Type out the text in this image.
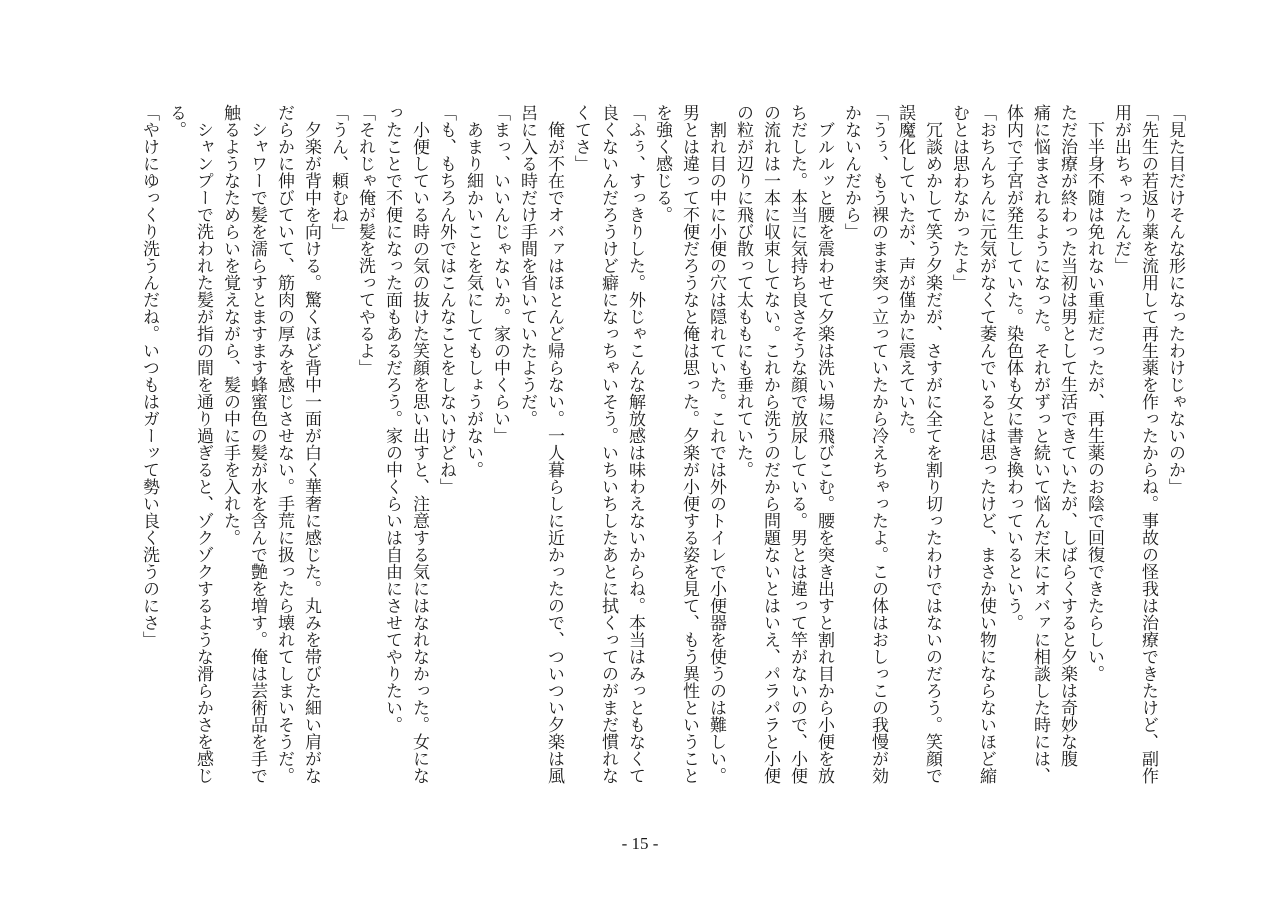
「見た目だけそんな形になったわけじゃないのか」
「先生の若返り薬を流用して再生薬を作ったからね。事故の怪我は治療できたけど、副作
用が出ちゃったんだ」
　下半身不随は免れない重症だったが、再生薬のお陰で回復できたらしい。
ただ治療が終わった当初は男として生活できていたが、しばらくすると夕楽は奇妙な腹
痛に悩まされるようになった。それがずっと続いて悩んだ末にオバァに相談した時には、
体内で子宮が発生していた。染色体も女に書き換わっているという。
「おちんちんに元気がなくて萎んでいるとは思ったけど、まさか使い物にならないほど縮
むとは思わなかったよ」
　冗談めかして笑う夕楽だが、さすがに全てを割り切ったわけではないのだろう。笑顔で
誤魔化していたが、声が僅かに震えていた。
「うぅ、もう裸のまま突っ立っていたから冷えちゃったよ。この体はおしっこの我慢が効
かないんだから」
　ブルルッと腰を震わせて夕楽は洗い場に飛びこむ。腰を突き出すと割れ目から小便を放
ちだした。本当に気持ち良さそうな顔で放尿している。男とは違って竿がないので、小便
の流れは一本に収束してない。これから洗うのだから問題ないとはいえ、パラパラと小便
の粒が辺りに飛び散って太ももにも垂れていた。
　割れ目の中に小便の穴は隠れていた。これでは外のトイレで小便器を使うのは難しい。
男とは違って不便だろうなと俺は思った。夕楽が小便する姿を見て、もう異性ということ
を強く感じる。
「ふぅ、すっきりした。外じゃこんな解放感は味わえないからね。本当はみっともなくて
良くないんだろうけど癖になっちゃいそう。いちいちしたあとに拭くってのがまだ慣れな
くてさ」
　俺が不在でオバァはほとんど帰らない。一人暮らしに近かったので、ついつい夕楽は風
呂に入る時だけ手間を省いていたようだ。
「まっ、いいんじゃないか。家の中くらい」
　あまり細かいことを気にしてもしょうがない。
「も、もちろん外ではこんなことをしないけどね」
　小便している時の気の抜けた笑顔を思い出すと、注意する気にはなれなかった。女にな
ったことで不便になった面もあるだろう。家の中くらいは自由にさせてやりたい。
「それじゃ俺が髪を洗ってやるよ」
「うん、頼むね」
　夕楽が背中を向ける。驚くほど背中一面が白く華奢に感じた。丸みを帯びた細い肩がな
だらかに伸びていて、筋肉の厚みを感じさせない。手荒に扱ったら壊れてしまいそうだ。
　シャワーで髪を濡らすとますます蜂蜜色の髪が水を含んで艶を増す。俺は芸術品を手で
触るようなためらいを覚えながら、髪の中に手を入れた。
　シャンプーで洗われた髪が指の間を通り過ぎると、ゾクゾクするような滑らかさを感じ
る。
「やけにゆっくり洗うんだね。いつもはガーッて勢い良く洗うのにさ」
- 15 -
